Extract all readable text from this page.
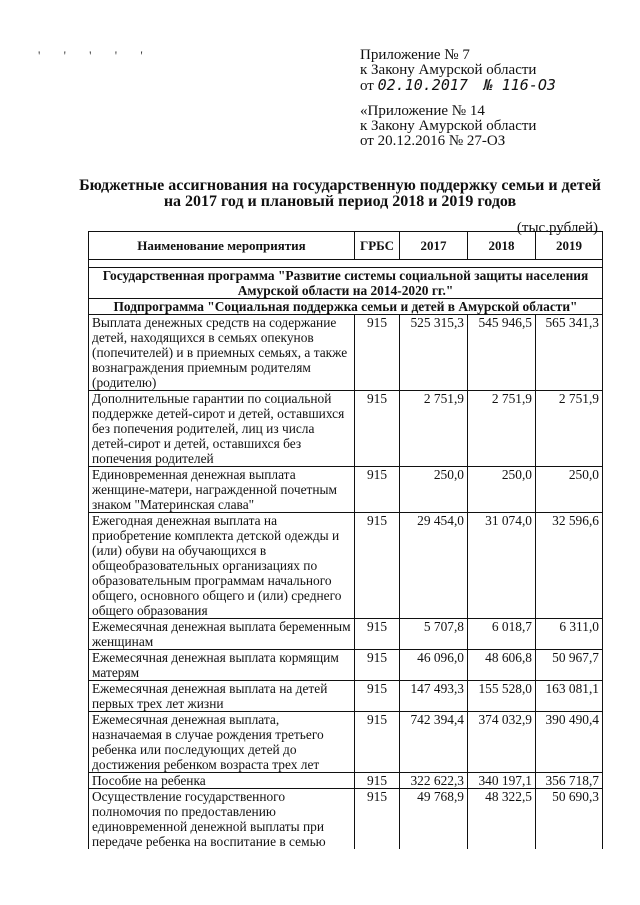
' ' ' ' '	Приложение № 7
к Закону Амурской области
от 02.10.2017 № 116-ОЗ
«Приложение № 14
к Закону Амурской области
от 20.12.2016 № 27-ОЗ
Бюджетные ассигнования на государственную поддержку семьи и детей
на 2017 год и плановый период 2018 и 2019 годов
(тыс.рублей)
Наименование мероприятия	ГРБС	2017	2018	2019

Государственная программа "Развитие системы социальной защиты населения Амурской области на 2014-2020 гг."				
Подпрограмма "Социальная поддержка семьи и детей в Амурской области"				
Выплата денежных средств на содержание детей, находящихся в семьях опекунов (попечителей) и в приемных семьях, а также вознаграждения приемным родителям (родителю)	915	525 315,3	545 946,5	565 341,3
Дополнительные гарантии по социальной поддержке детей-сирот и детей, оставшихся без попечения родителей, лиц из числа детей-сирот и детей, оставшихся без попечения родителей	915	2 751,9	2 751,9	2 751,9
Единовременная денежная выплата женщине-матери, награжденной почетным знаком "Материнская слава"	915	250,0	250,0	250,0
Ежегодная денежная выплата на приобретение комплекта детской одежды и (или) обуви на обучающихся в общеобразовательных организациях по образовательным программам начального общего, основного общего и (или) среднего общего образования	915	29 454,0	31 074,0	32 596,6
Ежемесячная денежная выплата беременным женщинам	915	5 707,8	6 018,7	6 311,0
Ежемесячная денежная выплата кормящим матерям	915	46 096,0	48 606,8	50 967,7
Ежемесячная денежная выплата на детей первых трех лет жизни	915	147 493,3	155 528,0	163 081,1
Ежемесячная денежная выплата, назначаемая в случае рождения третьего ребенка или последующих детей до достижения ребенком возраста трех лет	915	742 394,4	374 032,9	390 490,4
Пособие на ребенка	915	322 622,3	340 197,1	356 718,7
Осуществление государственного полномочия по предоставлению единовременной денежной выплаты при передаче ребенка на воспитание в семью	915	49 768,9	48 322,5	50 690,3
